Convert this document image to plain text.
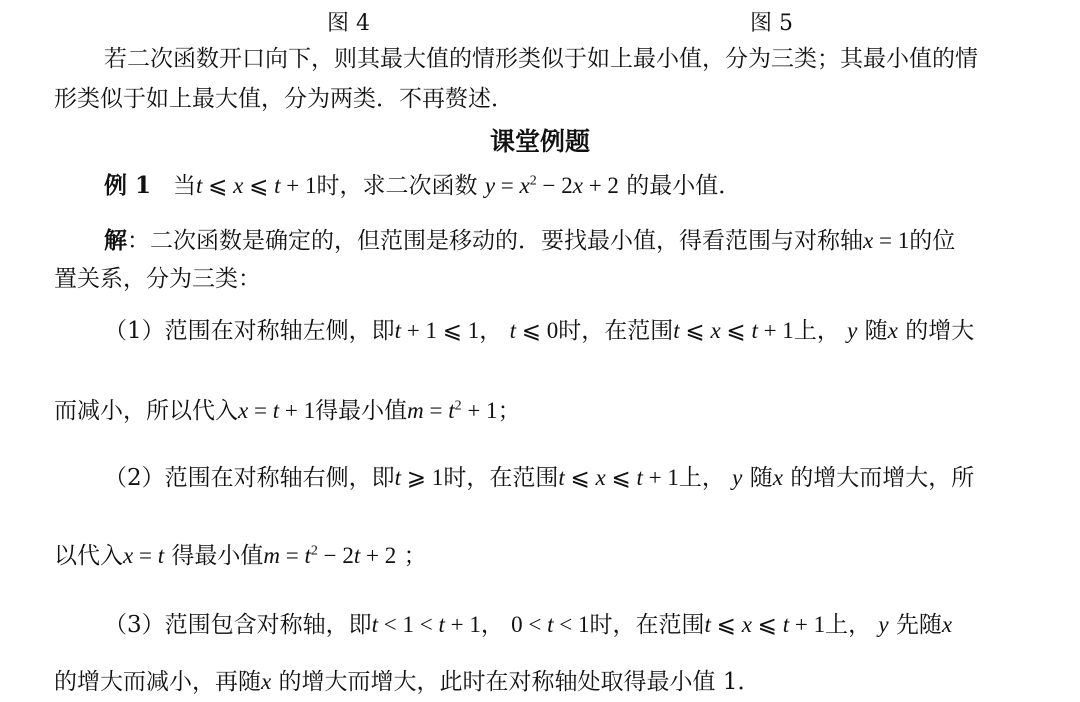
图 4	图 5
若二次函数开口向下，则其最大值的情形类似于如上最小值，分为三类；其最小值的情
形类似于如上最大值，分为两类．不再赘述．
课堂例题
例 1 当t ⩽ x ⩽ t + 1时，求二次函数 $y = x^2 - 2x + 2$ 的最小值．
解：二次函数是确定的，但范围是移动的．要找最小值，得看范围与对称轴x = 1的位
置关系，分为三类：
（1）范围在对称轴左侧，即t + 1 ⩽ 1， t ⩽ 0时，在范围t ⩽ x ⩽ t + 1上， y 随x 的增大
而减小，所以代入x = t + 1得最小值$m = t^2 + 1$；
（2）范围在对称轴右侧，即t ⩾ 1时，在范围t ⩽ x ⩽ t + 1上， y 随x 的增大而增大，所
以代入x = t 得最小值$m = t^2 - 2t + 2$ ；
（3）范围包含对称轴，即t < 1 < t + 1， 0 < t < 1时，在范围t ⩽ x ⩽ t + 1上， y 先随x
的增大而减小，再随x 的增大而增大，此时在对称轴处取得最小值 1．
